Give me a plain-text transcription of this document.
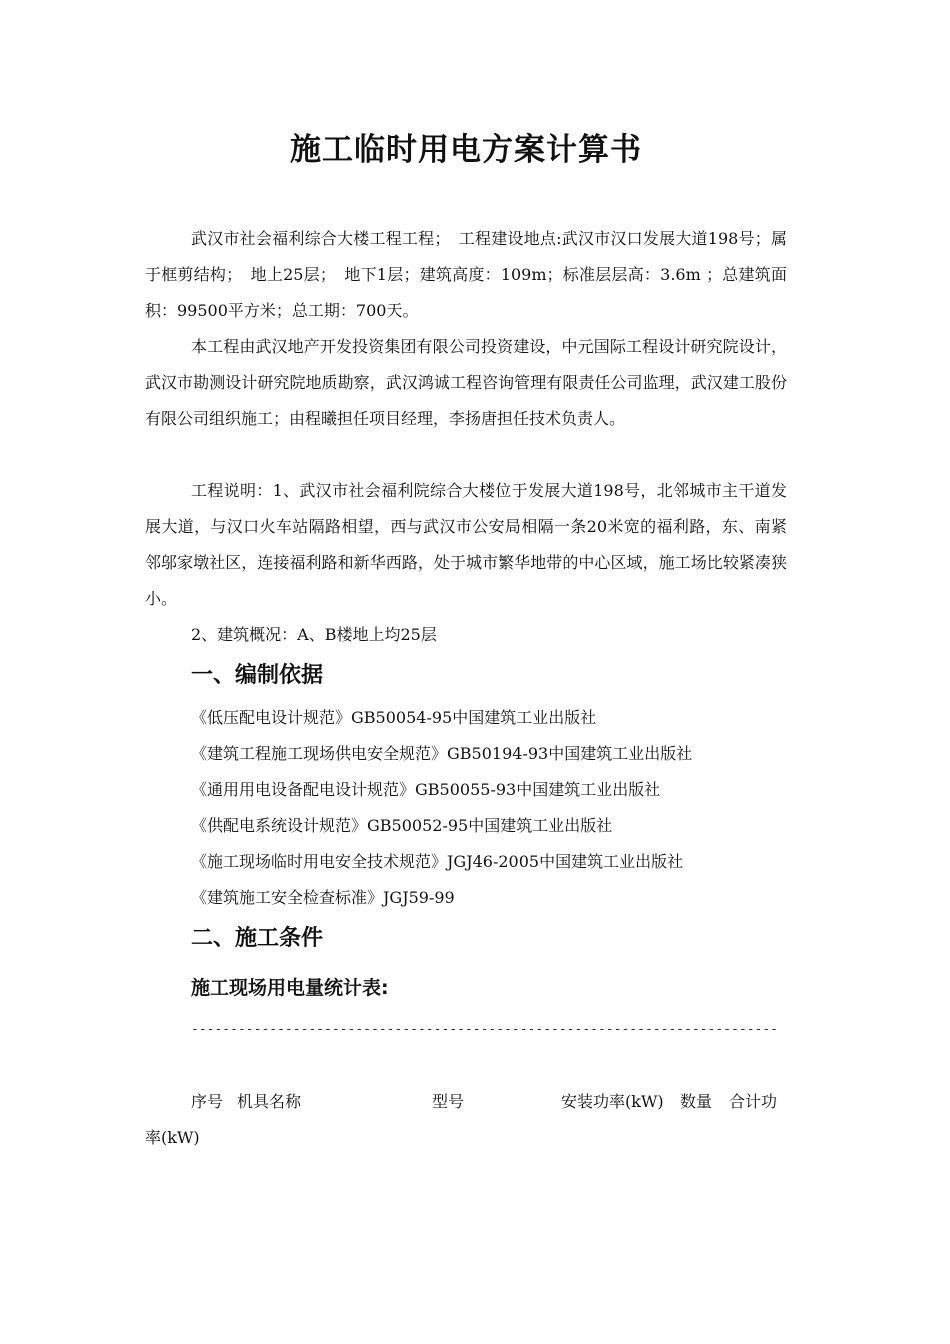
施工临时用电方案计算书

武汉市社会福利综合大楼工程工程；　工程建设地点:武汉市汉口发展大道198号；属于框剪结构；　地上25层；　地下1层；建筑高度：109m；标准层层高：3.6m ；总建筑面积：99500平方米；总工期：700天。

本工程由武汉地产开发投资集团有限公司投资建设，中元国际工程设计研究院设计，武汉市勘测设计研究院地质勘察，武汉鸿诚工程咨询管理有限责任公司监理，武汉建工股份有限公司组织施工；由程曦担任项目经理，李扬唐担任技术负责人。

工程说明：1、武汉市社会福利院综合大楼位于发展大道198号，北邻城市主干道发展大道，与汉口火车站隔路相望，西与武汉市公安局相隔一条20米宽的福利路，东、南紧邻邬家墩社区，连接福利路和新华西路，处于城市繁华地带的中心区域，施工场比较紧凑狭小。

2、建筑概况：A、B楼地上均25层

一、编制依据

《低压配电设计规范》GB50054-95中国建筑工业出版社

《建筑工程施工现场供电安全规范》GB50194-93中国建筑工业出版社

《通用用电设备配电设计规范》GB50055-93中国建筑工业出版社

《供配电系统设计规范》GB50052-95中国建筑工业出版社

《施工现场临时用电安全技术规范》JGJ46-2005中国建筑工业出版社

《建筑施工安全检查标准》JGJ59-99

二、施工条件
施工现场用电量统计表:

---------------------------------------------------------------------------

序号 机具名称	型号	安装功率(kW) 数量 合计功
率(kW)
